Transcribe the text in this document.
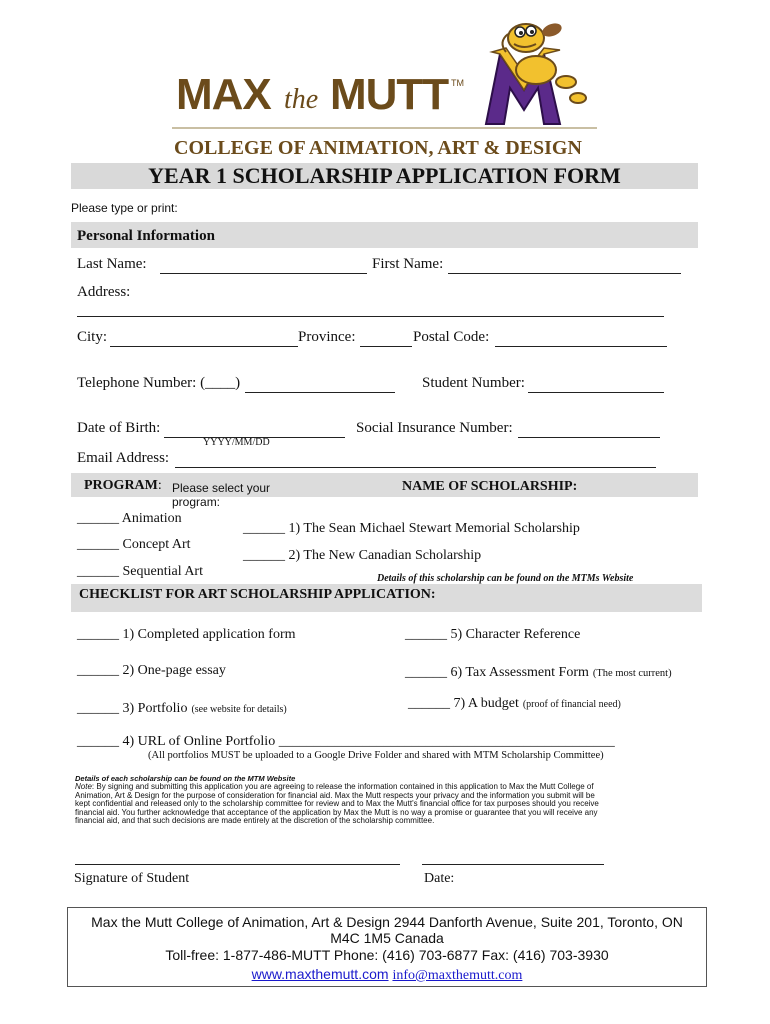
MAX the MUTT TM
COLLEGE OF ANIMATION, ART & DESIGN
YEAR 1 SCHOLARSHIP APPLICATION FORM
Please type or print:
Personal Information
Last Name:	First Name:
Address:
City:	Province:	Postal Code:
Telephone Number: (____)	Student Number:
Date of Birth:
YYYY/MM/DD
Social Insurance Number:
Email Address:
PROGRAM: Please select your
program:
NAME OF SCHOLARSHIP:
______ Animation
______ Concept Art
______ Sequential Art
______ 1) The Sean Michael Stewart Memorial Scholarship
______ 2) The New Canadian Scholarship
Details of this scholarship can be found on the MTMs Website
CHECKLIST FOR ART SCHOLARSHIP APPLICATION:
______ 1) Completed application form
______ 2) One-page essay
______ 3) Portfolio (see website for details)
______ 4) URL of Online Portfolio ________________________________________________
(All portfolios MUST be uploaded to a Google Drive Folder and shared with MTM Scholarship Committee)
______ 5) Character Reference
______ 6) Tax Assessment Form (The most current)
______ 7) A budget (proof of financial need)
Details of each scholarship can be found on the MTM Website
Note: By signing and submitting this application you are agreeing to release the information contained in this application to Max the Mutt College of Animation, Art & Design for the purpose of consideration for financial aid. Max the Mutt respects your privacy and the information you submit will be kept confidential and released only to the scholarship committee for review and to Max the Mutt's financial office for tax purposes should you receive financial aid. You further acknowledge that acceptance of the application by Max the Mutt is no way a promise or guarantee that you will receive any financial aid, and that such decisions are made entirely at the discretion of the scholarship committee.
Signature of Student	Date:
Max the Mutt College of Animation, Art & Design 2944 Danforth Avenue, Suite 201, Toronto, ON
M4C 1M5 Canada
Toll-free: 1-877-486-MUTT Phone: (416) 703-6877 Fax: (416) 703-3930
www.maxthemutt.com info@maxthemutt.com
